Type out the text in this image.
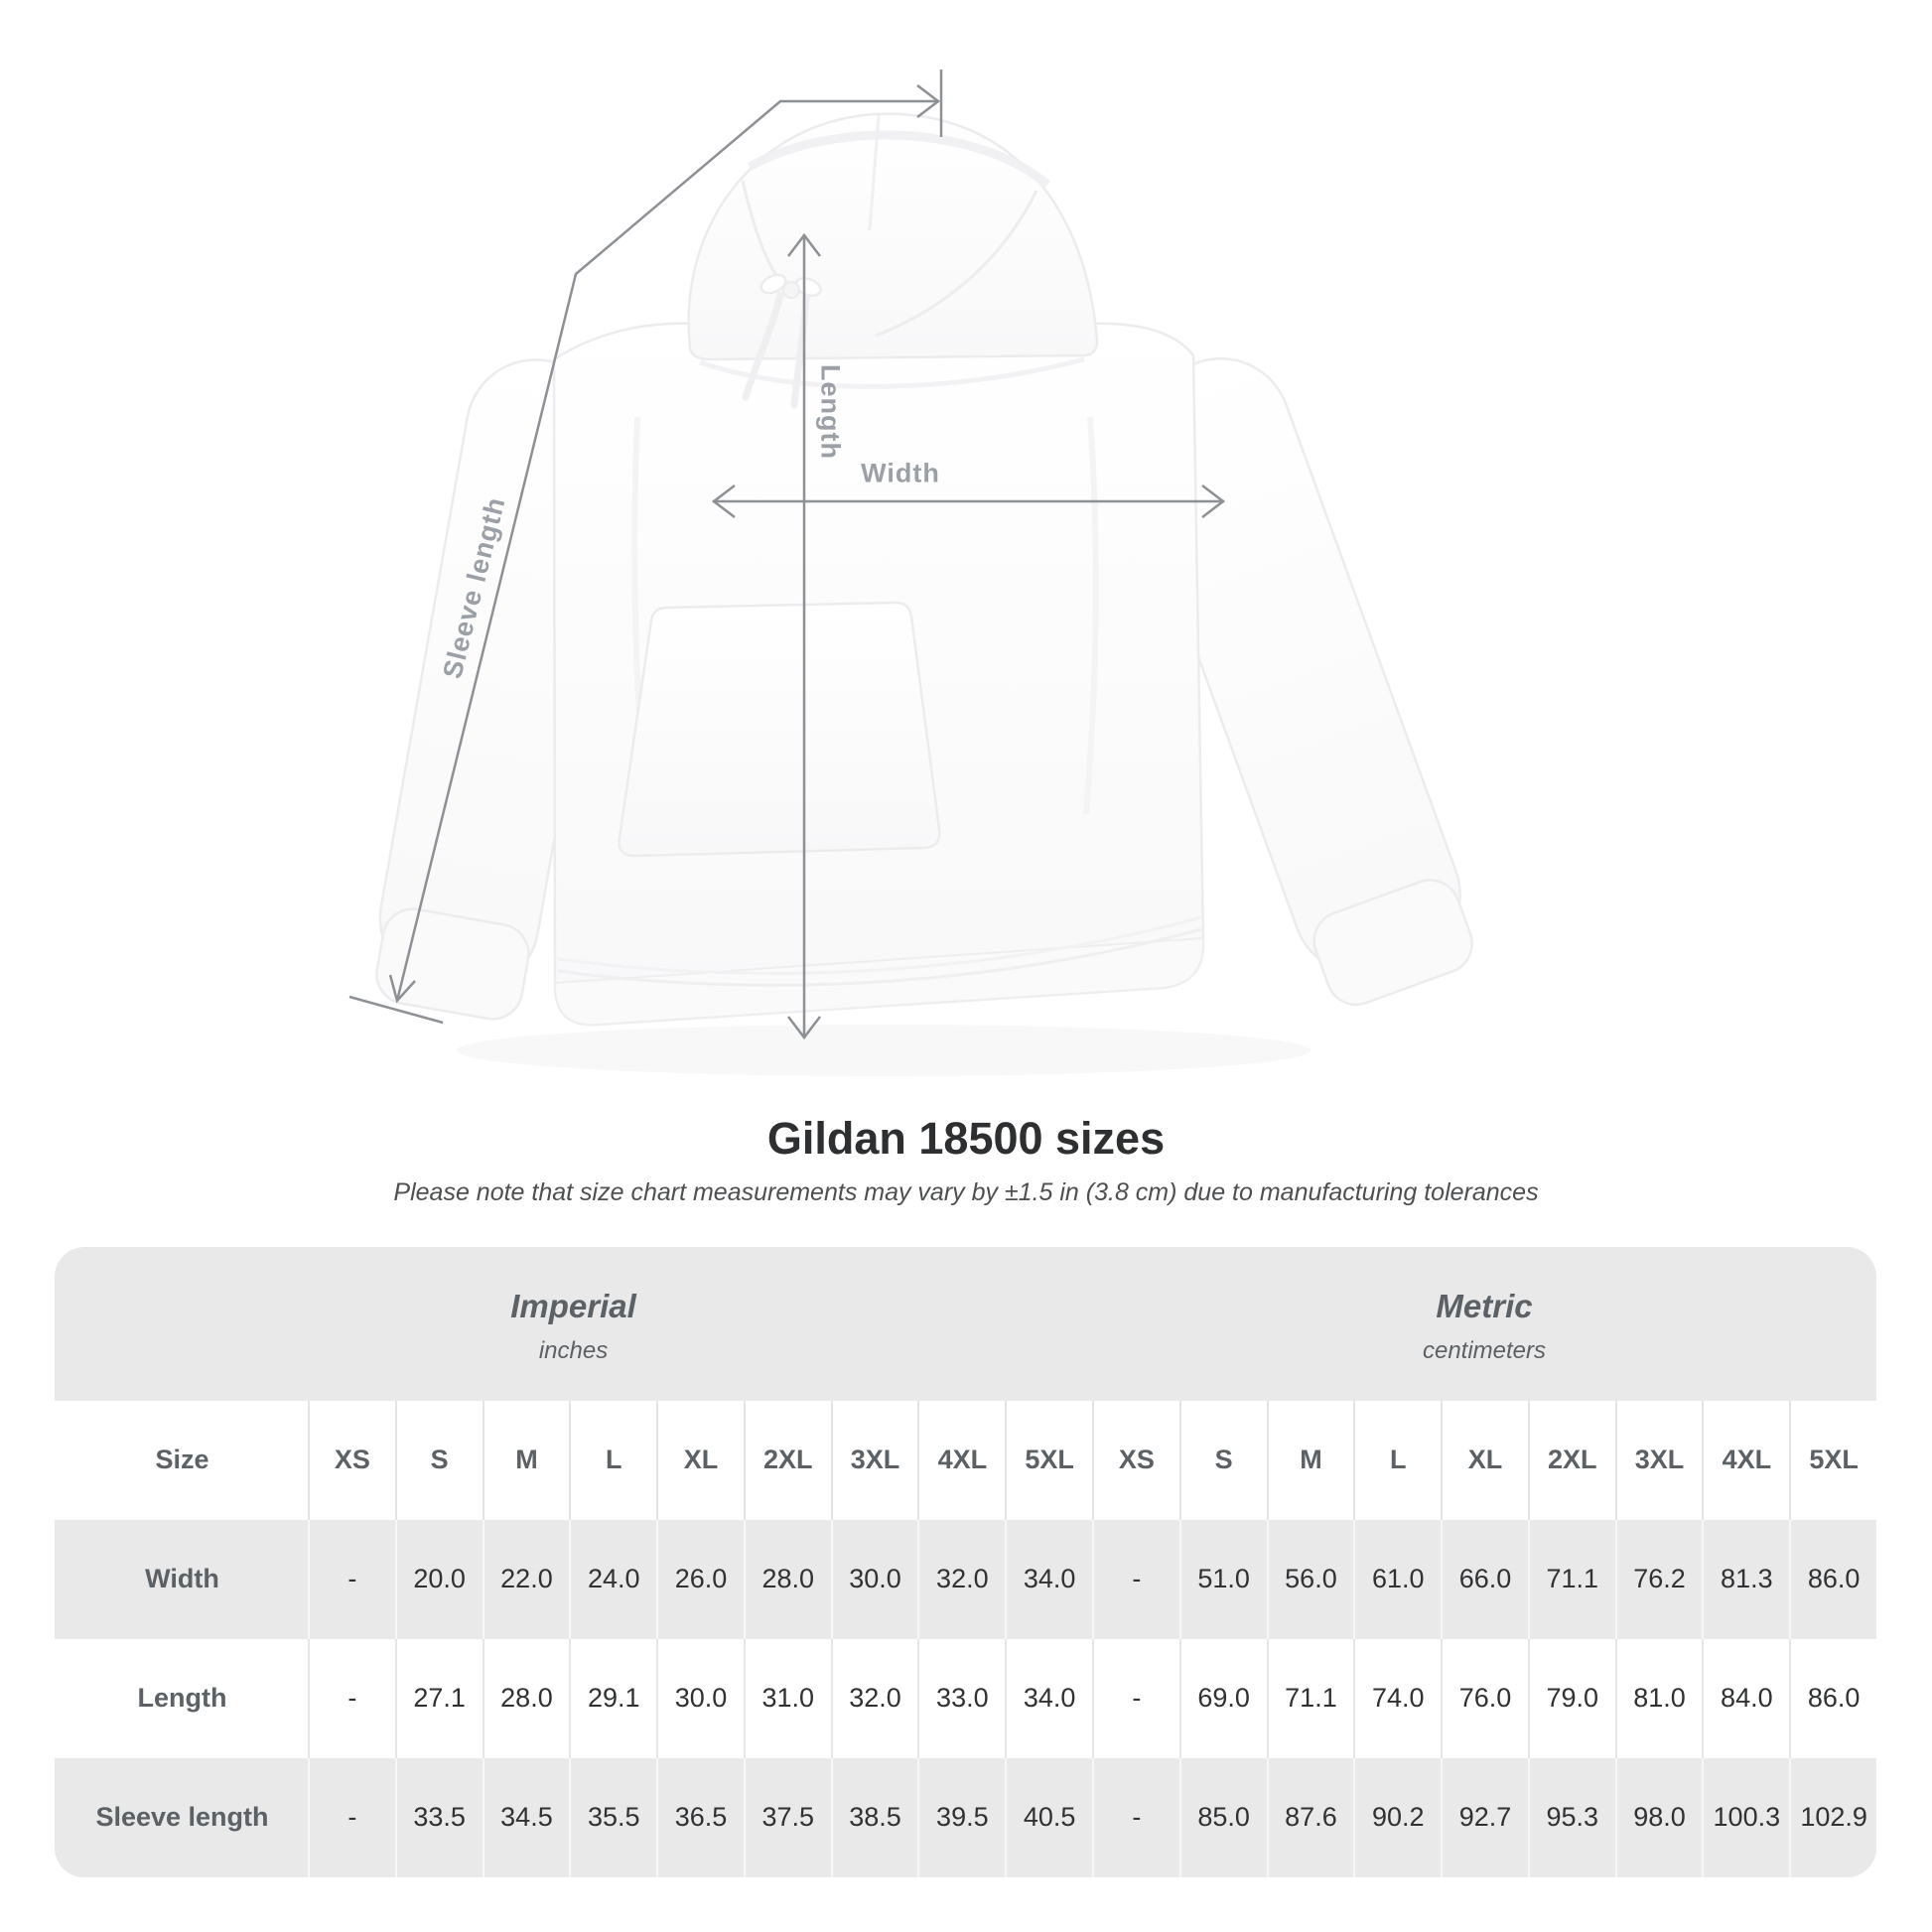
Sleeve length
Length
Width
Gildan 18500 sizes

Please note that size chart measurements may vary by ±1.5 in (3.8 cm) due to manufacturing tolerances

Imperial
inches
Metric
centimeters
Size	XS	S	M	L	XL	2XL	3XL	4XL	5XL	XS	S	M	L	XL	2XL	3XL	4XL	5XL
Width	-	20.0	22.0	24.0	26.0	28.0	30.0	32.0	34.0	-	51.0	56.0	61.0	66.0	71.1	76.2	81.3	86.0
Length	-	27.1	28.0	29.1	30.0	31.0	32.0	33.0	34.0	-	69.0	71.1	74.0	76.0	79.0	81.0	84.0	86.0
Sleeve length	-	33.5	34.5	35.5	36.5	37.5	38.5	39.5	40.5	-	85.0	87.6	90.2	92.7	95.3	98.0	100.3 102.9
